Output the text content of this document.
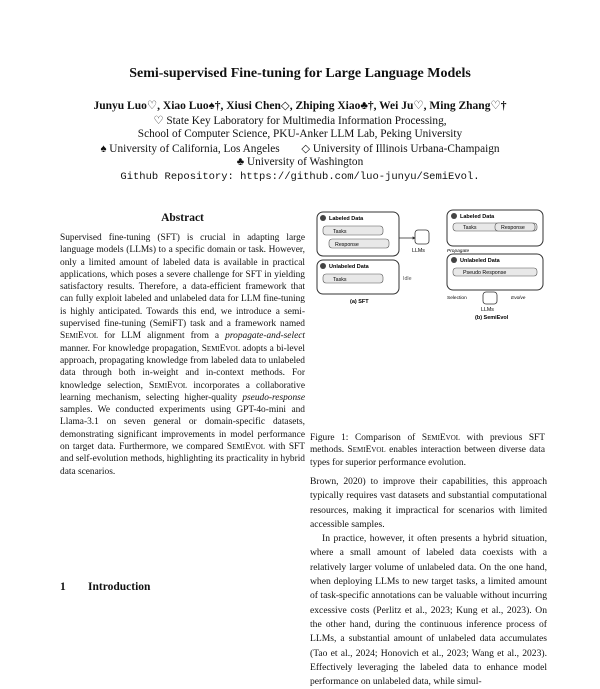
Semi-supervised Fine-tuning for Large Language Models
Junyu Luo♡, Xiao Luo♠†, Xiusi Chen◇, Zhiping Xiao♣†, Wei Ju♡, Ming Zhang♡†
♡ State Key Laboratory for Multimedia Information Processing,
School of Computer Science, PKU-Anker LLM Lab, Peking University
♠ University of California, Los Angeles ◇ University of Illinois Urbana-Champaign
♣ University of Washington
Github Repository: https://github.com/luo-junyu/SemiEvol.
Abstract
Supervised fine-tuning (SFT) is crucial in adapting large language models (LLMs) to a specific domain or task. However, only a limited amount of labeled data is available in practical applications, which poses a severe challenge for SFT in yielding satisfactory results. Therefore, a data-efficient framework that can fully exploit labeled and unlabeled data for LLM fine-tuning is highly anticipated. Towards this end, we introduce a semi-supervised fine-tuning (SemiFT) task and a framework named SemiEvol for LLM alignment from a propagate-and-select manner. For knowledge propagation, SemiEvol adopts a bi-level approach, propagating knowledge from labeled data to unlabeled data through both in-weight and in-context methods. For knowledge selection, SemiEvol incorporates a collaborative learning mechanism, selecting higher-quality pseudo-response samples. We conducted experiments using GPT-4o-mini and Llama-3.1 on seven general or domain-specific datasets, demonstrating significant improvements in model performance on target data. Furthermore, we compared SemiEvol with SFT and self-evolution methods, highlighting its practicality in hybrid data scenarios.
1 Introduction
Labeled Data
Tasks
Response
Unlabeled Data
Tasks
LLMs
Idle
(a) SFT
Labeled Data
Tasks	Response
Propagate
Unlabeled Data
Pseudo Response
Selection	Evolve
LLMs
(b) SemiEvol
Figure 1: Comparison of SemiEvol with previous SFT methods. SemiEvol enables interaction between diverse data types for superior performance evolution.

Brown, 2020) to improve their capabilities, this approach typically requires vast datasets and substantial computational resources, making it impractical for scenarios with limited accessible samples.

In practice, however, it often presents a hybrid situation, where a small amount of labeled data coexists with a relatively larger volume of unlabeled data. On the one hand, when deploying LLMs to new target tasks, a limited amount of task-specific annotations can be valuable without incurring excessive costs (Perlitz et al., 2023; Kung et al., 2023). On the other hand, during the continuous inference process of LLMs, a substantial amount of unlabeled data accumulates (Tao et al., 2024; Honovich et al., 2023; Wang et al., 2023). Effectively leveraging the labeled data to enhance model performance on unlabeled data, while simul-
